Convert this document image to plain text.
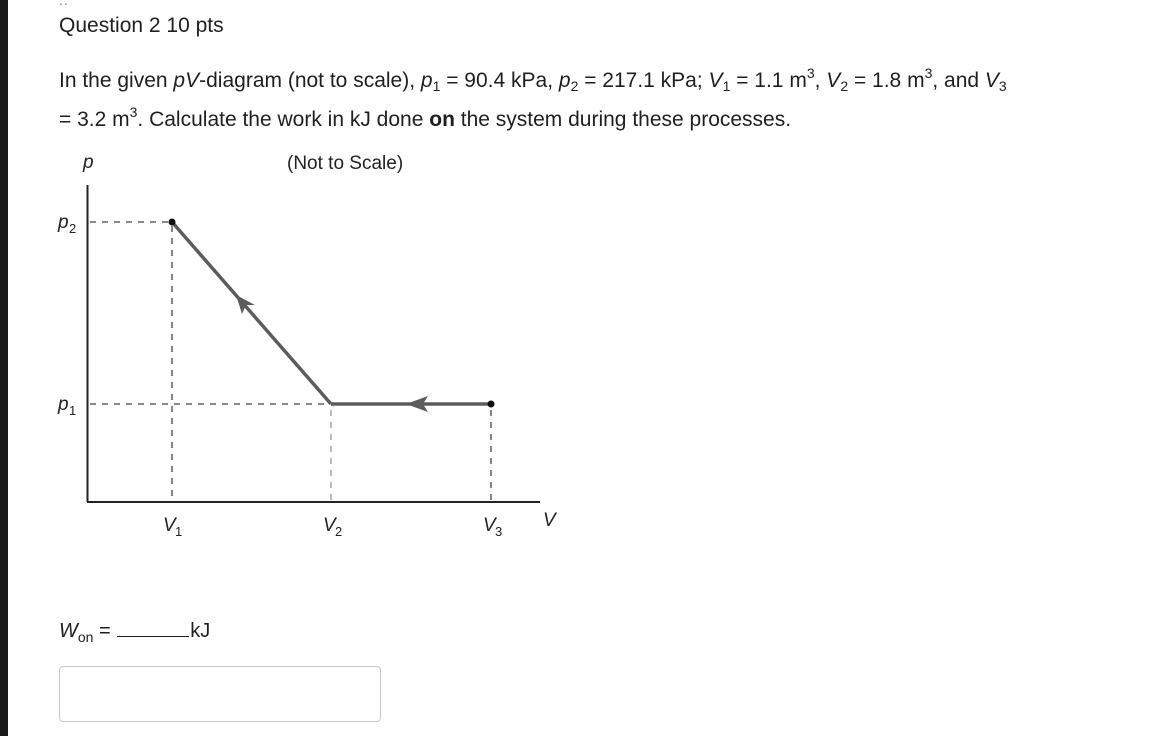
..
Question 2 10 pts
In the given pV-diagram (not to scale), $p_1 = 90.4$ kPa, $p_2 = 217.1$ kPa; $V_1 = 1.1$ $m^3$, $V_2 = 1.8$ $m^3$, and $V_3$
= 3.2 $m^3$. Calculate the work in kJ done on the system during these processes.
p	(Not to Scale)
p 2
p 1
V 1	V 2	V 3
V
$W_{on}$ =	kJ
